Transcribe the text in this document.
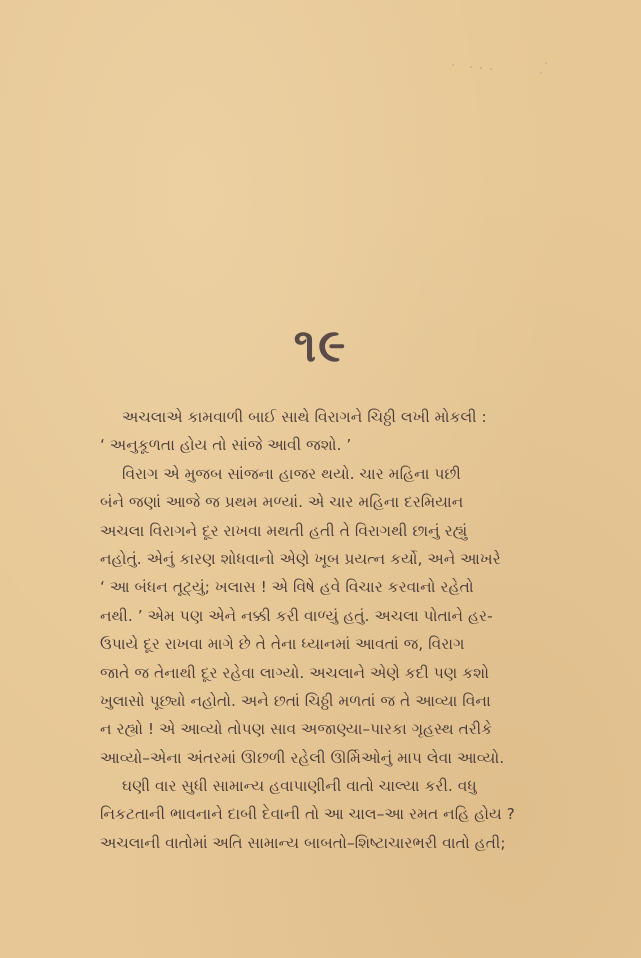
૧૯
અચલાએ કામવાળી બાઈ સાથે વિરાગને ચિઠ્ઠી લખી મોકલી :
‘ અનુકૂળતા હોય તો સાંજે આવી જશો. ’
વિરાગ એ મુજબ સાંજના હાજર થયો. ચાર મહિના પછી
બંને જણાં આજે જ પ્રથમ મળ્યાં. એ ચાર મહિના દરમિયાન
અચલા વિરાગને દૂર રાખવા મથતી હતી તે વિરાગથી છાનું રહ્યું
નહોતું. એનું કારણ શોધવાનો એણે ખૂબ પ્રયત્ન કર્યો, અને આખરે
‘ આ બંધન તૂટ્યું; ખલાસ ! એ વિષે હવે વિચાર કરવાનો રહેતો
નથી. ’ એમ પણ એને નક્કી કરી વાળ્યું હતું. અચલા પોતાને હર-
ઉપાયે દૂર રાખવા માગે છે તે તેના ધ્યાનમાં આવતાં જ, વિરાગ
જાતે જ તેનાથી દૂર રહેવા લાગ્યો. અચલાને એણે કદી પણ કશો
ખુલાસો પૂછ્યો નહોતો. અને છતાં ચિઠ્ઠી મળતાં જ તે આવ્યા વિના
ન રહ્યો ! એ આવ્યો તોપણ સાવ અજાણ્યા–પારકા ગૃહસ્થ તરીકે
આવ્યો–એના અંતરમાં ઊછળી રહેલી ઊર્મિઓનું માપ લેવા આવ્યો.
ઘણી વાર સુધી સામાન્ય હવાપાણીની વાતો ચાલ્યા કરી. વધુ
નિકટતાની ભાવનાને દાબી દેવાની તો આ ચાલ–આ રમત નહિ હોય ?
અચલાની વાતોમાં અતિ સામાન્ય બાબતો–શિષ્ટાચારભરી વાતો હતી;
